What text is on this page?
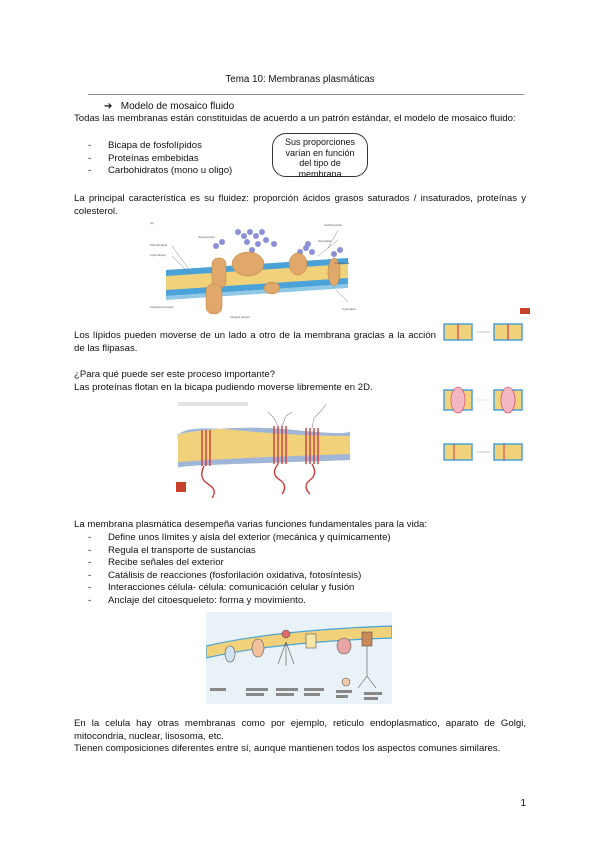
Tema 10: Membranas plasmáticas
➔ Modelo de mosaico fluido
Todas las membranas están constituidas de acuerdo a un patrón estándar, el modelo de mosaico fluido:
- Bicapa de fosfolípidos
- Proteínas embebidas
- Carbohidratos (mono u oligo)
Sus proporciones
varían en función
del tipo de
membrana
La principal característica es su fluidez: proporción ácidos grasos saturados / insaturados, proteínas y colesterol.
(a)
Glycoprotein
Glycolipid
Carbohydrate
Phospholipid
Cholesterol
Peripheral protein
Integral protein
Lipid bilayer
Cytoplasm
Los lípidos pueden moverse de un lado a otro de la membrana gracias a la acción de las flipasas.
¿Para qué puede ser este proceso importante?
Las proteínas flotan en la bicapa pudiendo moverse libremente en 2D.
La membrana plasmática desempeña varias funciones fundamentales para la vida:
- Define unos límites y aísla del exterior (mecánica y químicamente)
- Regula el transporte de sustancias
- Recibe señales del exterior
- Catálisis de reacciones (fosforilación oxidativa, fotosíntesis)
- Interacciones célula- célula: comunicación celular y fusión
- Anclaje del citoesqueleto: forma y movimiento.
En la celula hay otras membranas como por ejemplo, reticulo endoplasmatico, aparato de Golgi, mitocondria, nuclear, lisosoma, etc.
Tienen composiciones diferentes entre sí, aunque mantienen todos los aspectos comunes similares.
1
